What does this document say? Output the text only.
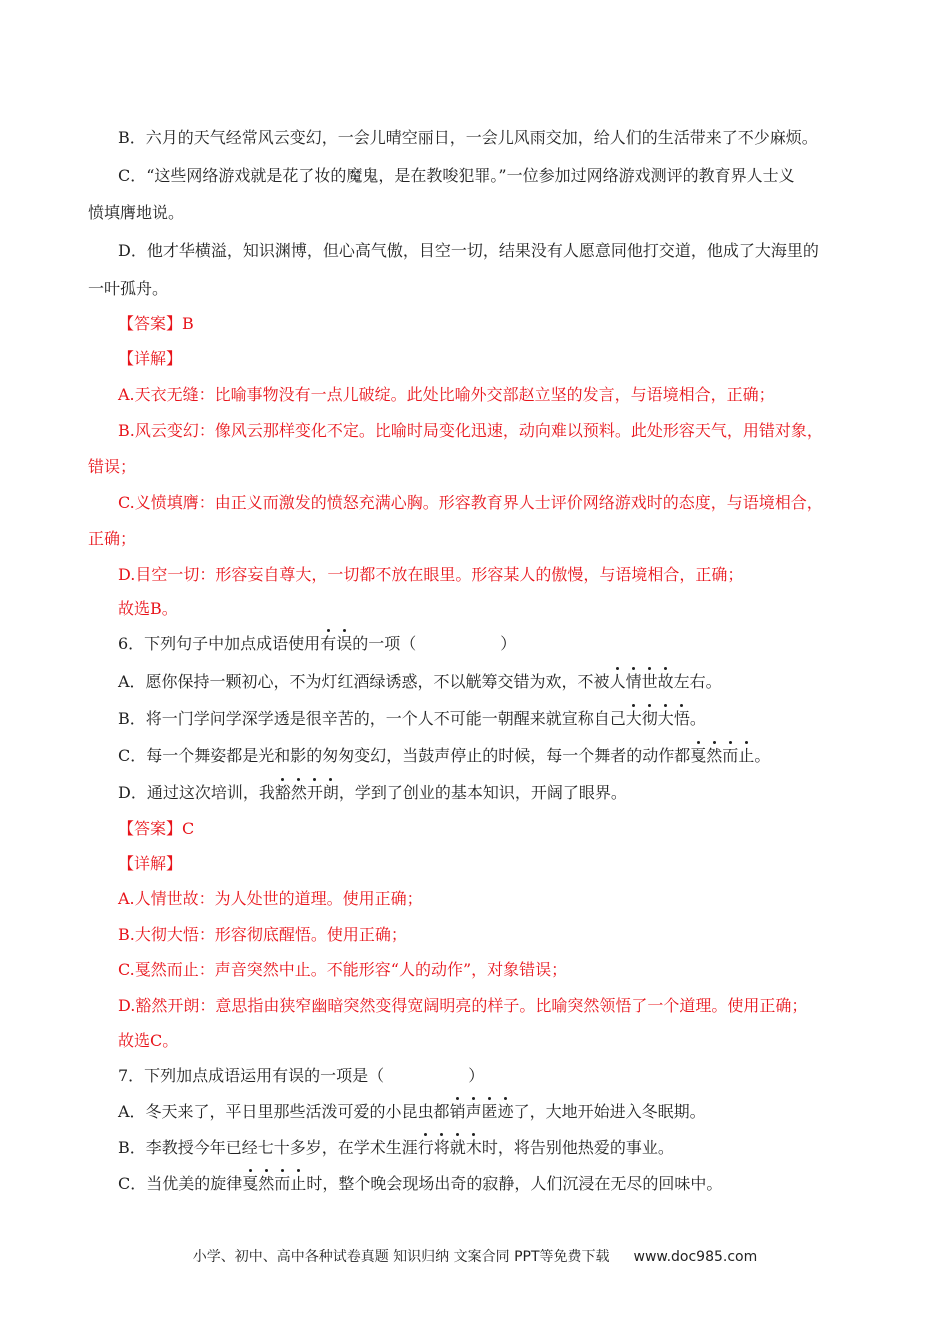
B．六月的天气经常风云变幻，一会儿晴空丽日，一会儿风雨交加，给人们的生活带来了不少麻烦。
C．“这些网络游戏就是花了妆的魔鬼，是在教唆犯罪。”一位参加过网络游戏测评的教育界人士义
愤填膺地说。
D．他才华横溢，知识渊博，但心高气傲，目空一切，结果没有人愿意同他打交道，他成了大海里的
一叶孤舟。
【答案】B
【详解】
A.天衣无缝：比喻事物没有一点儿破绽。此处比喻外交部赵立坚的发言，与语境相合，正确；
B.风云变幻：像风云那样变化不定。比喻时局变化迅速，动向难以预料。此处形容天气，用错对象，
错误；
C.义愤填膺：由正义而激发的愤怒充满心胸。形容教育界人士评价网络游戏时的态度，与语境相合，
正确；
D.目空一切：形容妄自尊大，一切都不放在眼里。形容某人的傲慢，与语境相合，正确；
故选B。
6．下列句子中加点成语使用有误的一项（	）
A．愿你保持一颗初心，不为灯红酒绿诱惑，不以觥筹交错为欢，不被人情世故左右。
B．将一门学问学深学透是很辛苦的，一个人不可能一朝醒来就宣称自己大彻大悟。
C．每一个舞姿都是光和影的匆匆变幻，当鼓声停止的时候，每一个舞者的动作都戛然而止。
D．通过这次培训，我豁然开朗，学到了创业的基本知识，开阔了眼界。
【答案】C
【详解】
A.人情世故：为人处世的道理。使用正确；
B.大彻大悟：形容彻底醒悟。使用正确；
C.戛然而止：声音突然中止。不能形容“人的动作”，对象错误；
D.豁然开朗：意思指由狭窄幽暗突然变得宽阔明亮的样子。比喻突然领悟了一个道理。使用正确；
故选C。
7．下列加点成语运用有误的一项是（	）
A．冬天来了，平日里那些活泼可爱的小昆虫都销声匿迹了，大地开始进入冬眠期。
B．李教授今年已经七十多岁，在学术生涯行将就木时，将告别他热爱的事业。
C．当优美的旋律戛然而止时，整个晚会现场出奇的寂静，人们沉浸在无尽的回味中。
小学、初中、高中各种试卷真题 知识归纳 文案合同 PPT等免费下载 www.doc985.com
